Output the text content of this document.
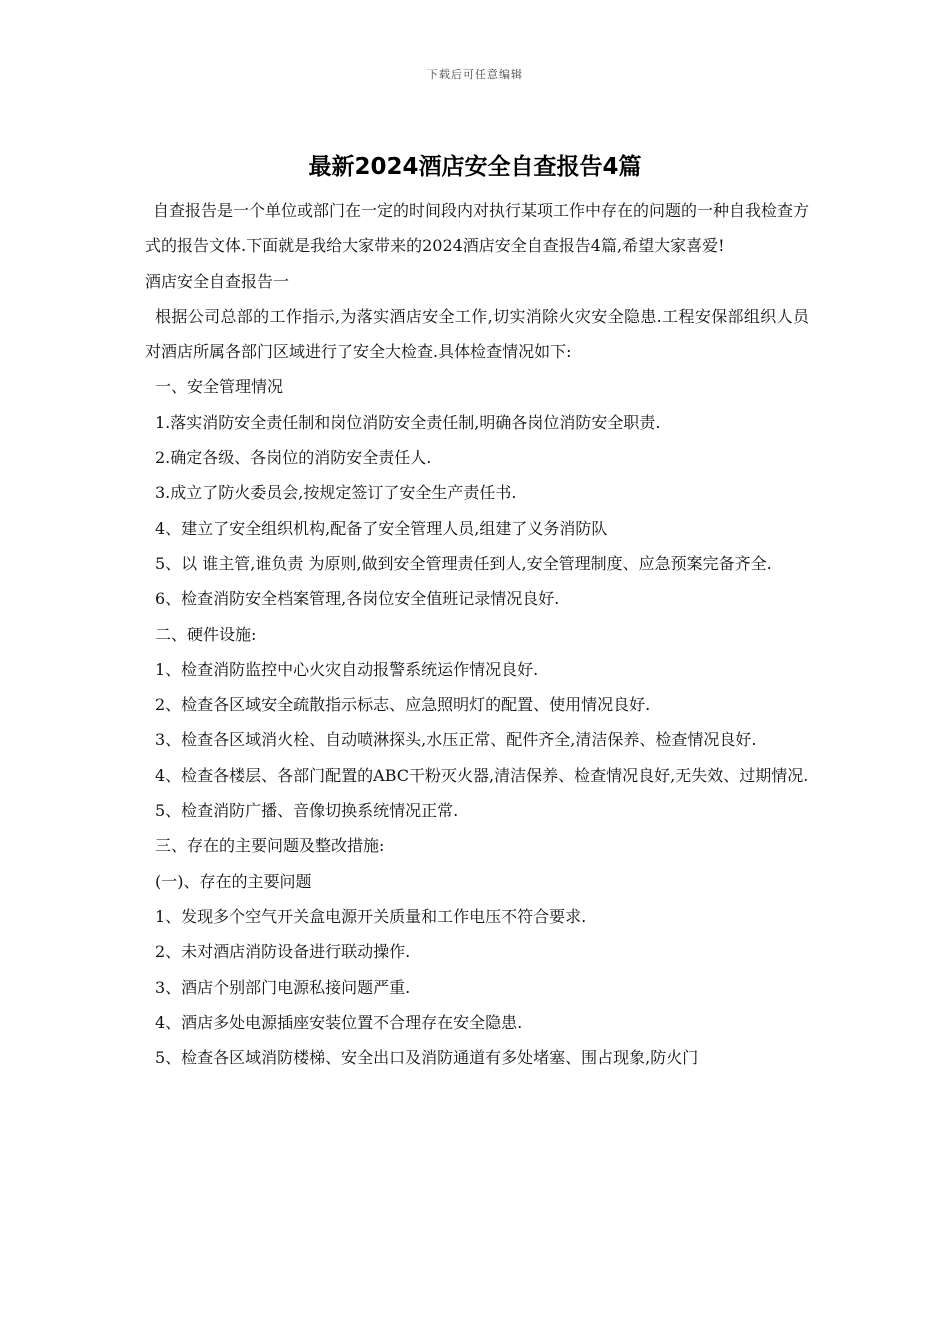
下载后可任意编辑
最新2024酒店安全自查报告4篇

自查报告是一个单位或部门在一定的时间段内对执行某项工作中存在的问题的一种自我检查方式的报告文体.下面就是我给大家带来的2024酒店安全自查报告4篇,希望大家喜爱!

酒店安全自查报告一

根据公司总部的工作指示,为落实酒店安全工作,切实消除火灾安全隐患.工程安保部组织人员对酒店所属各部门区域进行了安全大检查.具体检查情况如下:

一、安全管理情况

1.落实消防安全责任制和岗位消防安全责任制,明确各岗位消防安全职责.

2.确定各级、各岗位的消防安全责任人.

3.成立了防火委员会,按规定签订了安全生产责任书.

4、建立了安全组织机构,配备了安全管理人员,组建了义务消防队

5、以 谁主管,谁负责 为原则,做到安全管理责任到人,安全管理制度、应急预案完备齐全.

6、检查消防安全档案管理,各岗位安全值班记录情况良好.

二、硬件设施:

1、检查消防监控中心火灾自动报警系统运作情况良好.

2、检查各区域安全疏散指示标志、应急照明灯的配置、使用情况良好.

3、检查各区域消火栓、自动喷淋探头,水压正常、配件齐全,清洁保养、检查情况良好.

4、检查各楼层、各部门配置的ABC干粉灭火器,清洁保养、检查情况良好,无失效、过期情况.

5、检查消防广播、音像切换系统情况正常.

三、存在的主要问题及整改措施:

(一)、存在的主要问题

1、发现多个空气开关盒电源开关质量和工作电压不符合要求.

2、未对酒店消防设备进行联动操作.

3、酒店个别部门电源私接问题严重.

4、酒店多处电源插座安装位置不合理存在安全隐患.

5、检查各区域消防楼梯、安全出口及消防通道有多处堵塞、围占现象,防火门
